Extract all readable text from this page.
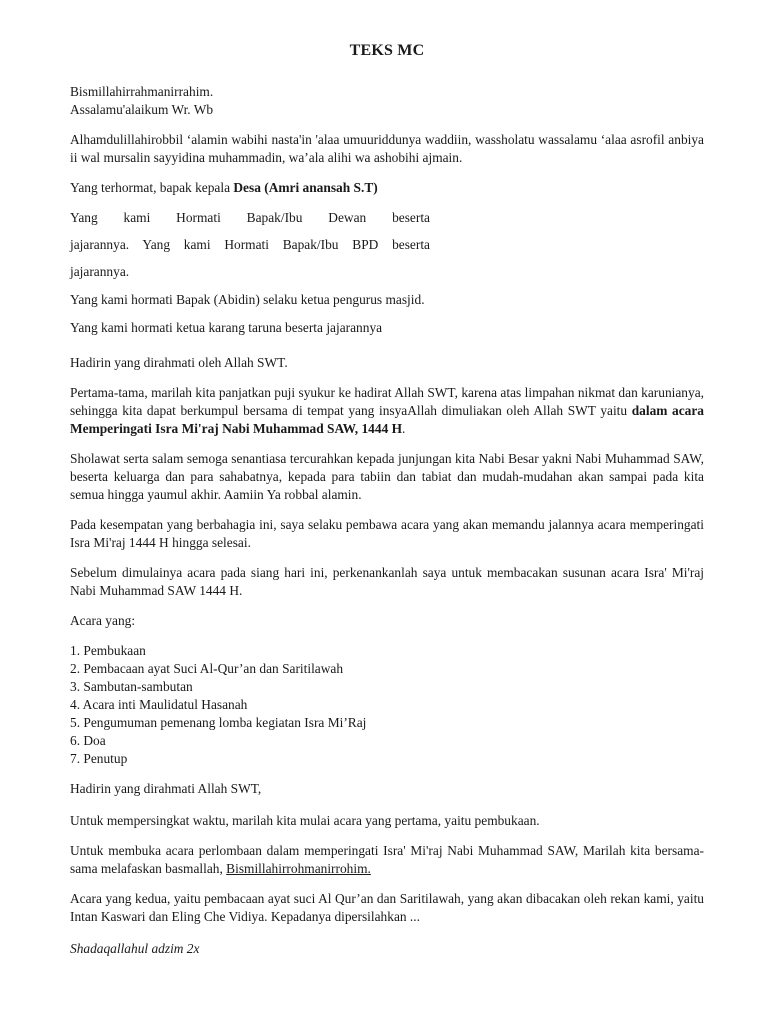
TEKS MC

Bismillahirrahmanirrahim.

Assalamu'alaikum Wr. Wb

Alhamdulillahirobbil ‘alamin wabihi nasta'in 'alaa umuuriddunya waddiin, wassholatu wassalamu ‘alaa asrofil anbiya ii wal mursalin sayyidina muhammadin, wa’ala alihi wa ashobihi ajmain.

Yang terhormat, bapak kepala Desa (Amri anansah S.T)

Yang kami Hormati Bapak/Ibu Dewan beserta

jajarannya. Yang kami Hormati Bapak/Ibu BPD beserta

jajarannya.

Yang kami hormati Bapak (Abidin) selaku ketua pengurus masjid.

Yang kami hormati ketua karang taruna beserta jajarannya

Hadirin yang dirahmati oleh Allah SWT.

Pertama-tama, marilah kita panjatkan puji syukur ke hadirat Allah SWT, karena atas limpahan nikmat dan karunianya, sehingga kita dapat berkumpul bersama di tempat yang insyaAllah dimuliakan oleh Allah SWT yaitu dalam acara Memperingati Isra Mi'raj Nabi Muhammad SAW, 1444 H.

Sholawat serta salam semoga senantiasa tercurahkan kepada junjungan kita Nabi Besar yakni Nabi Muhammad SAW, beserta keluarga dan para sahabatnya, kepada para tabiin dan tabiat dan mudah-mudahan akan sampai pada kita semua hingga yaumul akhir. Aamiin Ya robbal alamin.

Pada kesempatan yang berbahagia ini, saya selaku pembawa acara yang akan memandu jalannya acara memperingati Isra Mi'raj 1444 H hingga selesai.

Sebelum dimulainya acara pada siang hari ini, perkenankanlah saya untuk membacakan susunan acara Isra' Mi'raj Nabi Muhammad SAW 1444 H.

Acara yang:

1. Pembukaan
2. Pembacaan ayat Suci Al-Qur’an dan Saritilawah
3. Sambutan-sambutan
4. Acara inti Maulidatul Hasanah
5. Pengumuman pemenang lomba kegiatan Isra Mi’Raj
6. Doa
7. Penutup

Hadirin yang dirahmati Allah SWT,

Untuk mempersingkat waktu, marilah kita mulai acara yang pertama, yaitu pembukaan.

Untuk membuka acara perlombaan dalam memperingati Isra' Mi'raj Nabi Muhammad SAW, Marilah kita bersama-sama melafaskan basmallah, Bismillahirrohmanirrohim.

Acara yang kedua, yaitu pembacaan ayat suci Al Qur’an dan Saritilawah, yang akan dibacakan oleh rekan kami, yaitu Intan Kaswari dan Eling Che Vidiya. Kepadanya dipersilahkan ...

Shadaqallahul adzim 2x
